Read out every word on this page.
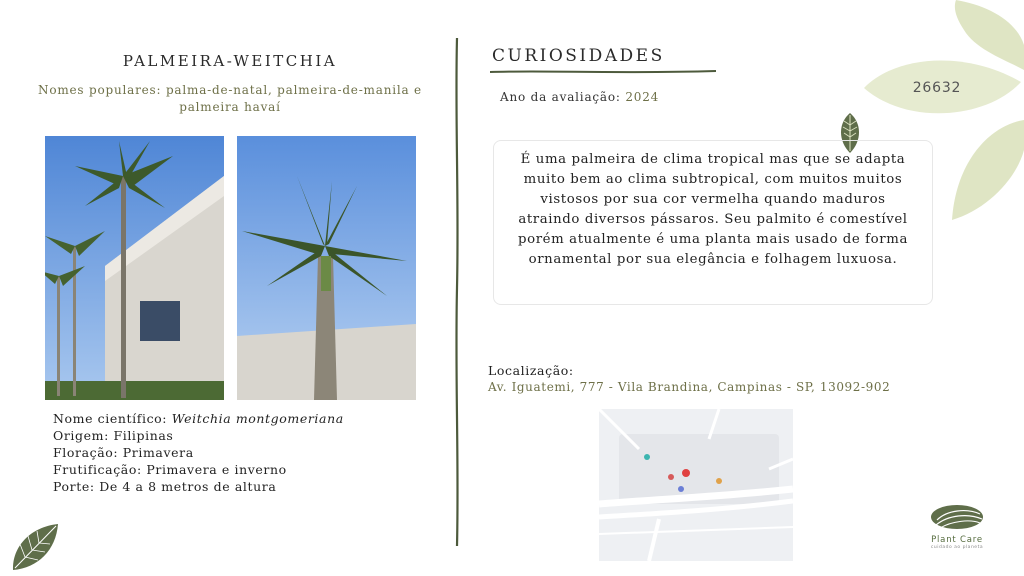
PALMEIRA-WEITCHIA
Nomes populares: palma-de-natal, palmeira-de-manila e palmeira havaí
Nome científico: Weitchia montgomeriana
Origem: Filipinas
Floração: Primavera
Frutificação: Primavera e inverno
Porte: De 4 a 8 metros de altura
CURIOSIDADES
Ano da avaliação: 2024
É uma palmeira de clima tropical mas que se adapta muito bem ao clima subtropical, com muitos muitos vistosos por sua cor vermelha quando maduros atraindo diversos pássaros. Seu palmito é comestível porém atualmente é uma planta mais usado de forma ornamental por sua elegância e folhagem luxuosa.
Localização:
Av. Iguatemi, 777 - Vila Brandina, Campinas - SP, 13092-902
26632
Plant Care
cuidado ao planeta
